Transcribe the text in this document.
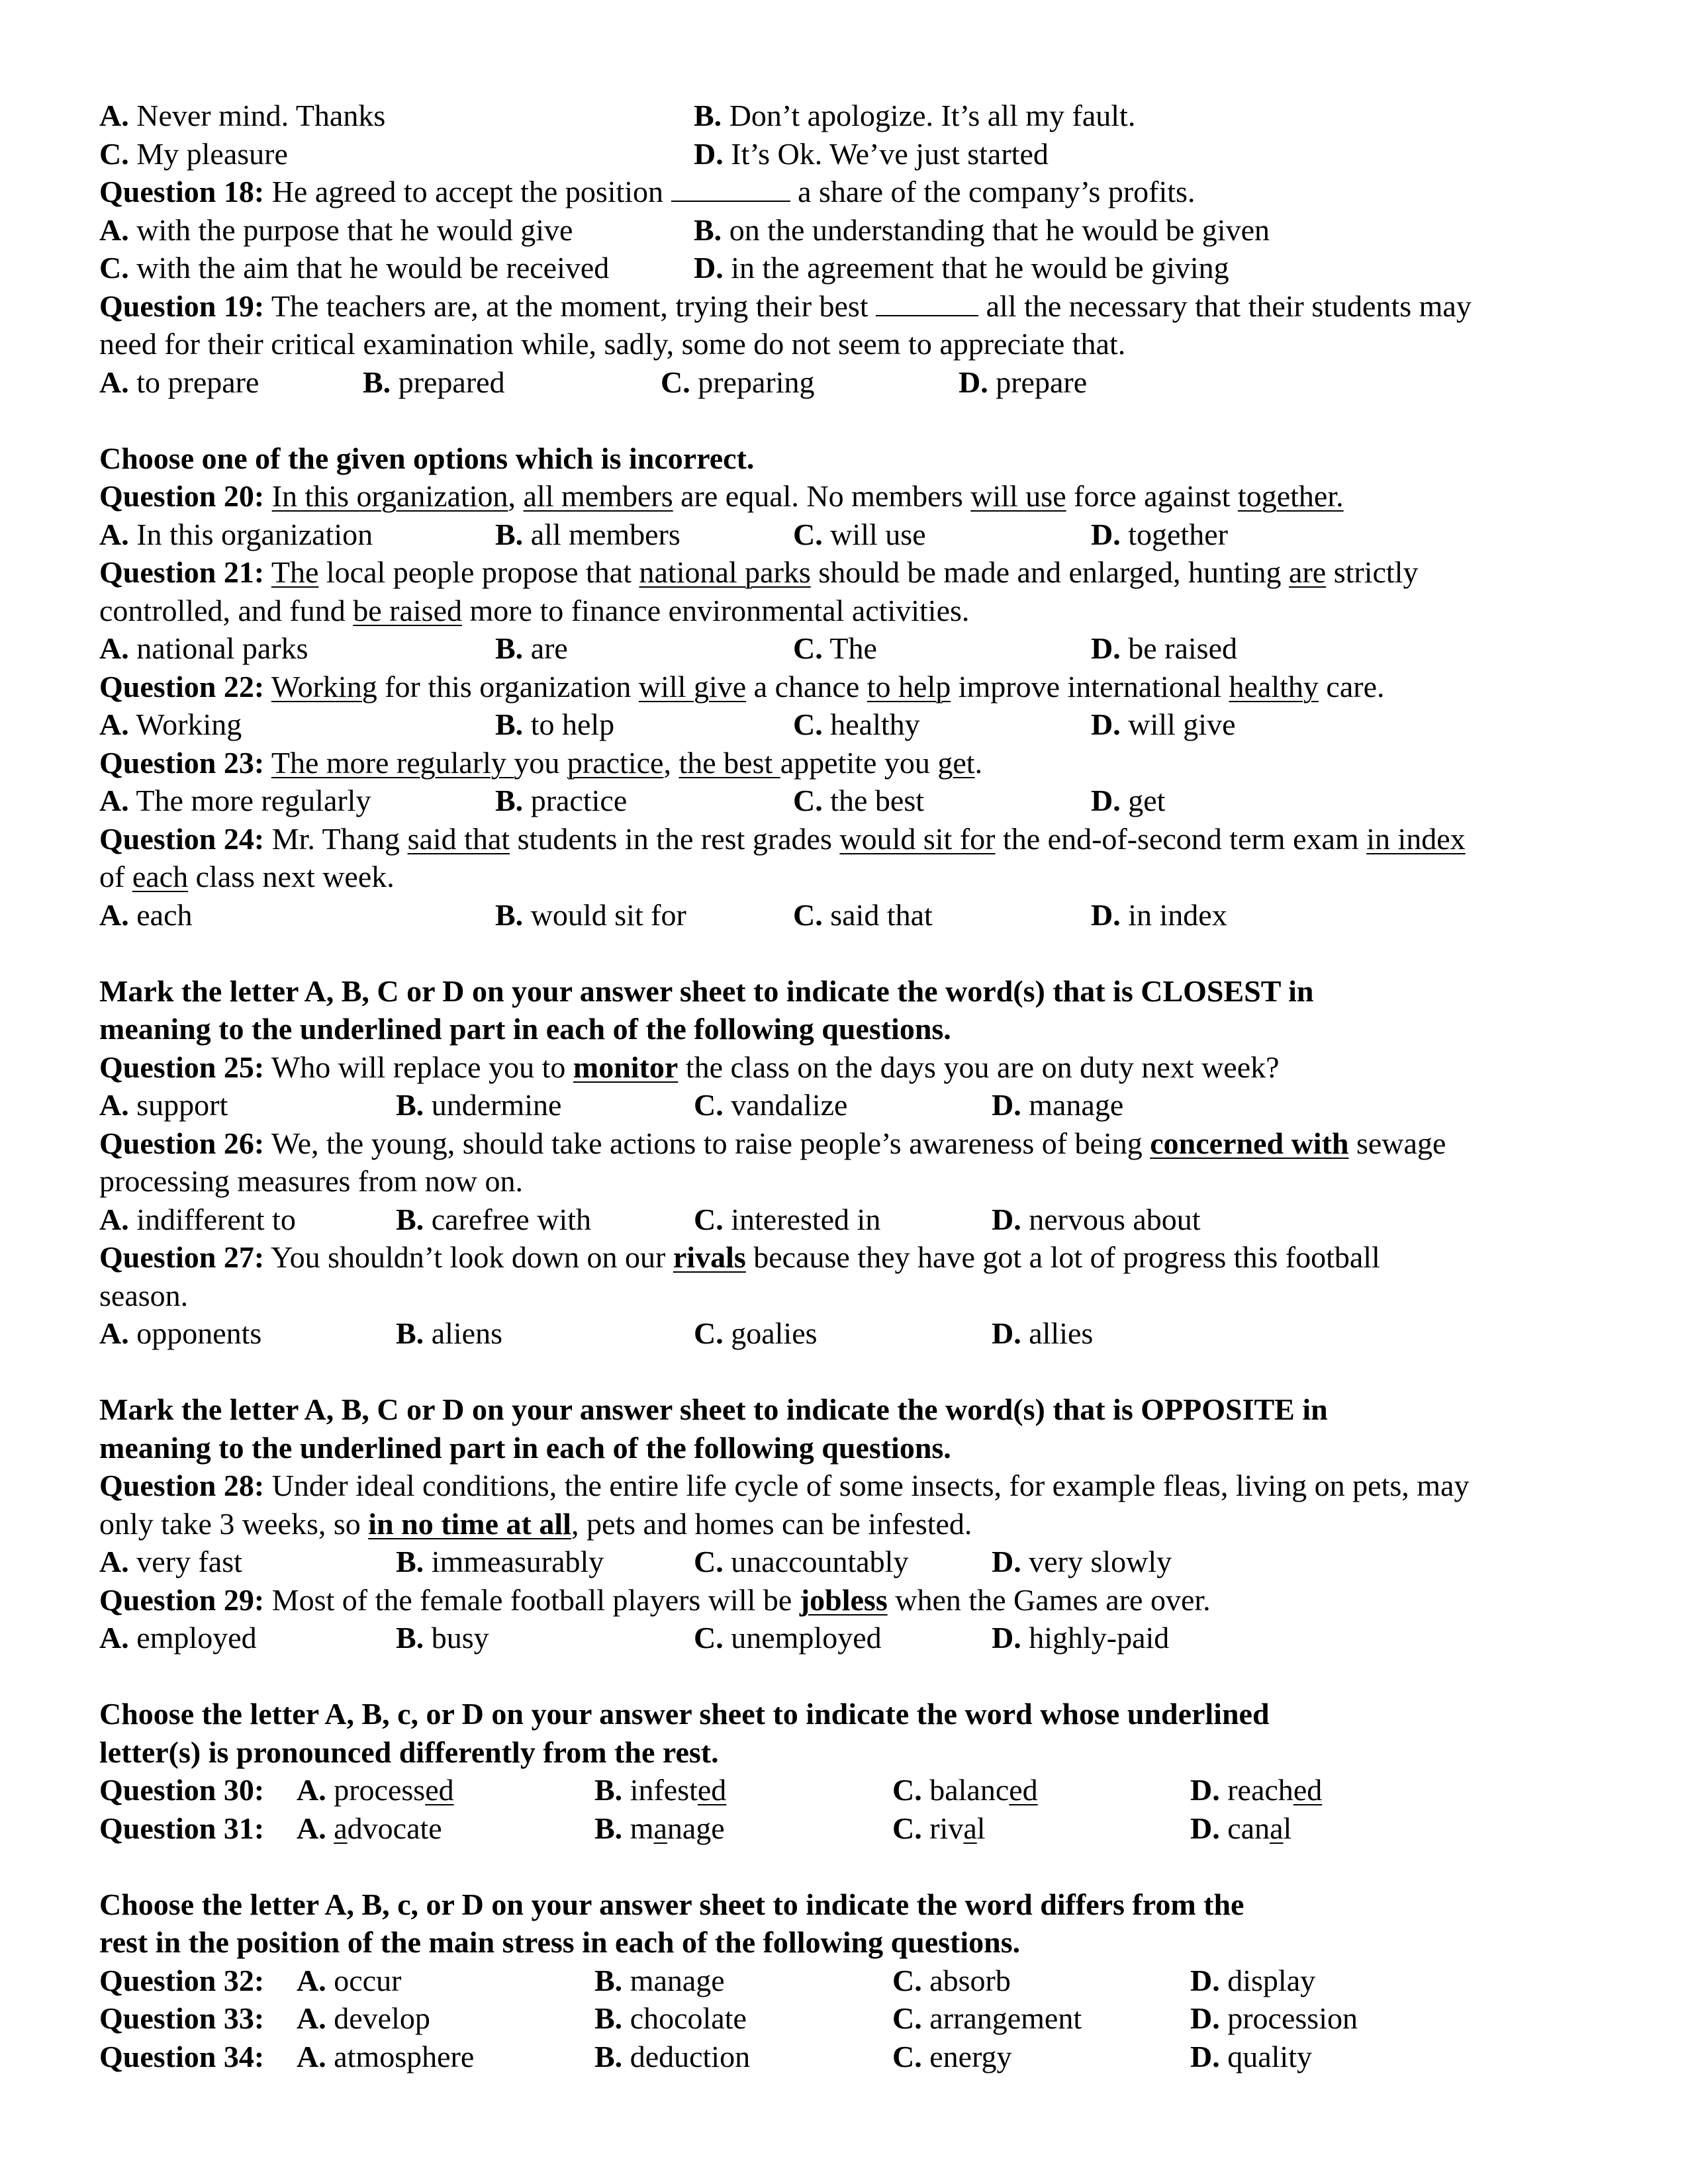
A. Never mind. Thanks	B. Don’t apologize. It’s all my fault.
C. My pleasure	D. It’s Ok. We’ve just started
Question 18: He agreed to accept the position	a share of the company’s profits.
A. with the purpose that he would give	B. on the understanding that he would be given
C. with the aim that he would be received	D. in the agreement that he would be giving
Question 19: The teachers are, at the moment, trying their best	all the necessary that their students may
need for their critical examination while, sadly, some do not seem to appreciate that.
A. to prepare	B. prepared	C. preparing	D. prepare
Choose one of the given options which is incorrect.
Question 20: In this organization, all members are equal. No members will use force against together.
A. In this organization	B. all members	C. will use	D. together
Question 21: The local people propose that national parks should be made and enlarged, hunting are strictly
controlled, and fund be raised more to finance environmental activities.
A. national parks	B. are	C. The	D. be raised
Question 22: Working for this organization will give a chance to help improve international healthy care.
A. Working	B. to help	C. healthy	D. will give
Question 23: The more regularly you practice, the best appetite you get.
A. The more regularly	B. practice	C. the best	D. get
Question 24: Mr. Thang said that students in the rest grades would sit for the end-of-second term exam in index
of each class next week.
A. each	B. would sit for	C. said that	D. in index
Mark the letter A, B, C or D on your answer sheet to indicate the word(s) that is CLOSEST in
meaning to the underlined part in each of the following questions.
Question 25: Who will replace you to monitor the class on the days you are on duty next week?
A. support	B. undermine	C. vandalize	D. manage
Question 26: We, the young, should take actions to raise people’s awareness of being concerned with sewage
processing measures from now on.
A. indifferent to	B. carefree with	C. interested in	D. nervous about
Question 27: You shouldn’t look down on our rivals because they have got a lot of progress this football
season.
A. opponents	B. aliens	C. goalies	D. allies
Mark the letter A, B, C or D on your answer sheet to indicate the word(s) that is OPPOSITE in
meaning to the underlined part in each of the following questions.
Question 28: Under ideal conditions, the entire life cycle of some insects, for example fleas, living on pets, may
only take 3 weeks, so in no time at all, pets and homes can be infested.
A. very fast	B. immeasurably	C. unaccountably	D. very slowly
Question 29: Most of the female football players will be jobless when the Games are over.
A. employed	B. busy	C. unemployed	D. highly-paid
Choose the letter A, B, c, or D on your answer sheet to indicate the word whose underlined
letter(s) is pronounced differently from the rest.
Question 30: A. processed	B. infested	C. balanced	D. reached
Question 31: A. advocate	B. manage	C. rival	D. canal
Choose the letter A, B, c, or D on your answer sheet to indicate the word differs from the
rest in the position of the main stress in each of the following questions.
Question 32: A. occur	B. manage	C. absorb	D. display
Question 33: A. develop	B. chocolate	C. arrangement	D. procession
Question 34: A. atmosphere	B. deduction	C. energy	D. quality
